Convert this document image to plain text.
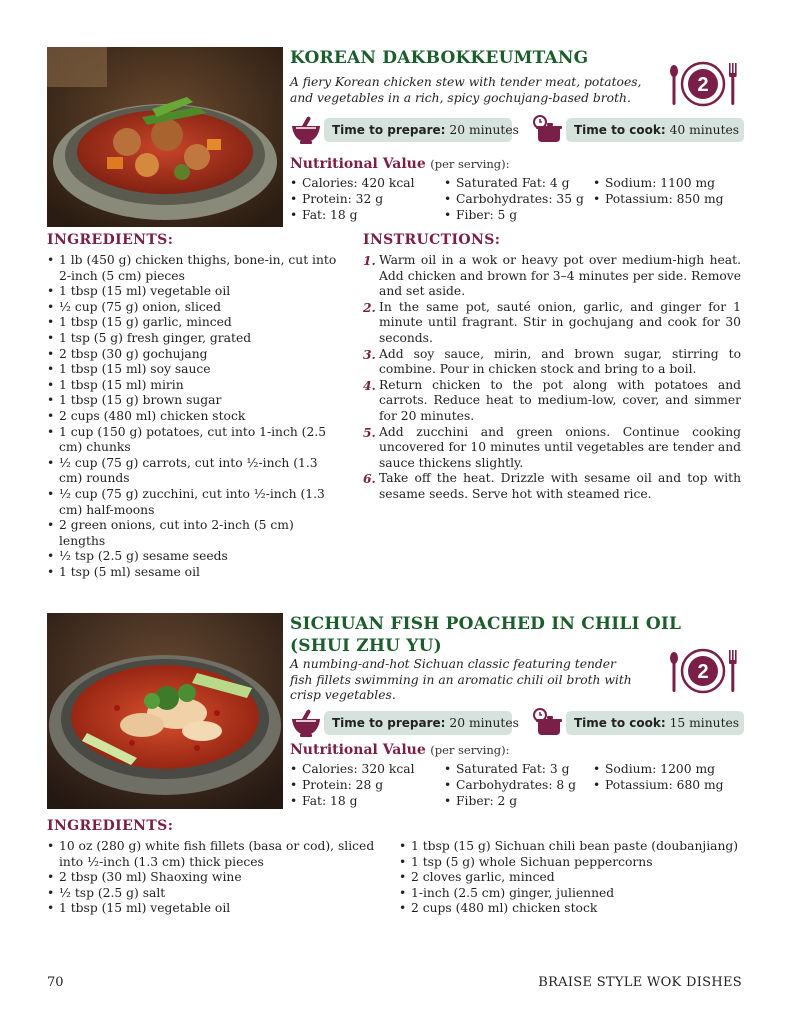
KOREAN DAKBOKKEUMTANG

A fiery Korean chicken stew with tender meat, potatoes, and vegetables in a rich, spicy gochujang-based broth.

2
Time to prepare: 20 minutes	Time to cook: 40 minutes

Nutritional Value (per serving):

• Calories: 420 kcal
• Protein: 32 g
• Fat: 18 g
• Saturated Fat: 4 g
• Carbohydrates: 35 g
• Fiber: 5 g
• Sodium: 1100 mg
• Potassium: 850 mg
INGREDIENTS:
• 1 lb (450 g) chicken thighs, bone-in, cut into 2-inch (5 cm) pieces
• 1 tbsp (15 ml) vegetable oil
• ½ cup (75 g) onion, sliced
• 1 tbsp (15 g) garlic, minced
• 1 tsp (5 g) fresh ginger, grated
• 2 tbsp (30 g) gochujang
• 1 tbsp (15 ml) soy sauce
• 1 tbsp (15 ml) mirin
• 1 tbsp (15 g) brown sugar
• 2 cups (480 ml) chicken stock
• 1 cup (150 g) potatoes, cut into 1-inch (2.5 cm) chunks
• ½ cup (75 g) carrots, cut into ½-inch (1.3 cm) rounds
• ½ cup (75 g) zucchini, cut into ½-inch (1.3 cm) half-moons
• 2 green onions, cut into 2-inch (5 cm) lengths
• ½ tsp (2.5 g) sesame seeds
• 1 tsp (5 ml) sesame oil
INSTRUCTIONS:
1. Warm oil in a wok or heavy pot over medium-high heat. Add chicken and brown for 3–4 minutes per side. Remove and set aside.
2. In the same pot, sauté onion, garlic, and ginger for 1 minute until fragrant. Stir in gochujang and cook for 30 seconds.
3. Add soy sauce, mirin, and brown sugar, stirring to combine. Pour in chicken stock and bring to a boil.
4. Return chicken to the pot along with potatoes and carrots. Reduce heat to medium-low, cover, and simmer for 20 minutes.
5. Add zucchini and green onions. Continue cooking uncovered for 10 minutes until vegetables are tender and sauce thickens slightly.
6. Take off the heat. Drizzle with sesame oil and top with sesame seeds. Serve hot with steamed rice.
SICHUAN FISH POACHED IN CHILI OIL
(SHUI ZHU YU)

A numbing-and-hot Sichuan classic featuring tender fish fillets swimming in an aromatic chili oil broth with crisp vegetables.

2
Time to prepare: 20 minutes	Time to cook: 15 minutes

Nutritional Value (per serving):

• Calories: 320 kcal
• Protein: 28 g
• Fat: 18 g
• Saturated Fat: 3 g
• Carbohydrates: 8 g
• Fiber: 2 g
• Sodium: 1200 mg
• Potassium: 680 mg
INGREDIENTS:
• 10 oz (280 g) white fish fillets (basa or cod), sliced into ½-inch (1.3 cm) thick pieces
• 2 tbsp (30 ml) Shaoxing wine
• ½ tsp (2.5 g) salt
• 1 tbsp (15 ml) vegetable oil
• 1 tbsp (15 g) Sichuan chili bean paste (doubanjiang)
• 1 tsp (5 g) whole Sichuan peppercorns
• 2 cloves garlic, minced
• 1-inch (2.5 cm) ginger, julienned
• 2 cups (480 ml) chicken stock

70	BRAISE STYLE WOK DISHES
